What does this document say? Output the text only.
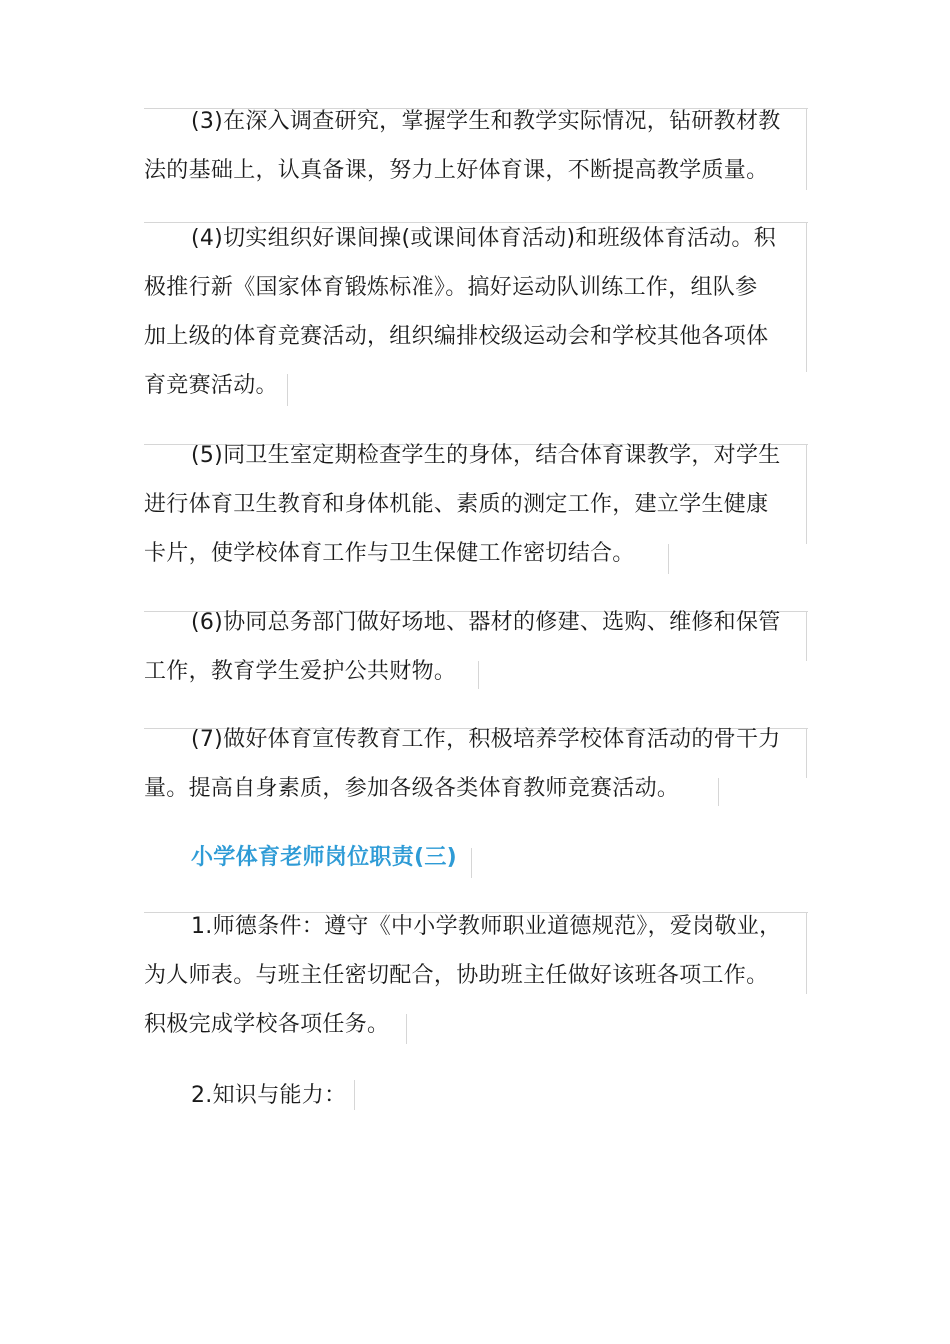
(3)在深入调查研究，掌握学生和教学实际情况，钻研教材教
法的基础上，认真备课，努力上好体育课，不断提高教学质量。
(4)切实组织好课间操(或课间体育活动)和班级体育活动。积
极推行新《国家体育锻炼标准》。搞好运动队训练工作，组队参
加上级的体育竞赛活动，组织编排校级运动会和学校其他各项体
育竞赛活动。
(5)同卫生室定期检查学生的身体，结合体育课教学，对学生
进行体育卫生教育和身体机能、素质的测定工作，建立学生健康
卡片，使学校体育工作与卫生保健工作密切结合。
(6)协同总务部门做好场地、器材的修建、选购、维修和保管
工作，教育学生爱护公共财物。
(7)做好体育宣传教育工作，积极培养学校体育活动的骨干力
量。提高自身素质，参加各级各类体育教师竞赛活动。
小学体育老师岗位职责(三)
1.师德条件：遵守《中小学教师职业道德规范》，爱岗敬业，
为人师表。与班主任密切配合，协助班主任做好该班各项工作。
积极完成学校各项任务。
2.知识与能力：
